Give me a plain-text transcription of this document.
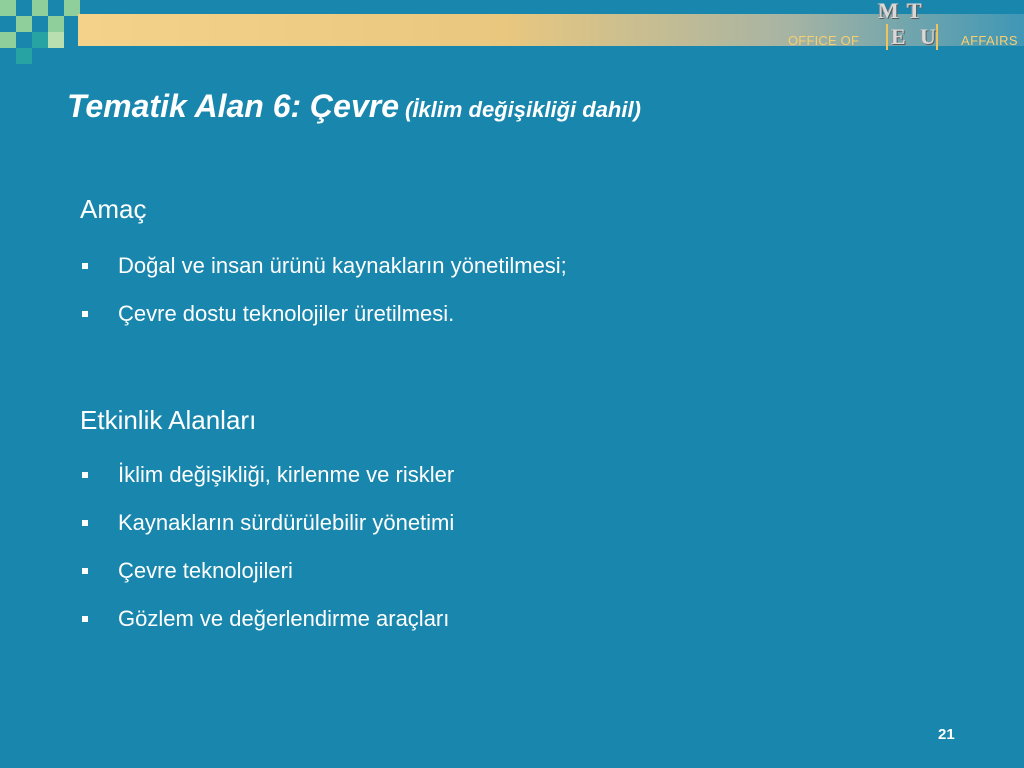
OFFICE OF
M T
E U AFFAIRS
Tematik Alan 6: Çevre (İklim değişikliği dahil)
Amaç
Doğal ve insan ürünü kaynakların yönetilmesi;
Çevre dostu teknolojiler üretilmesi.
Etkinlik Alanları
İklim değişikliği, kirlenme ve riskler
Kaynakların sürdürülebilir yönetimi
Çevre teknolojileri
Gözlem ve değerlendirme araçları
21
